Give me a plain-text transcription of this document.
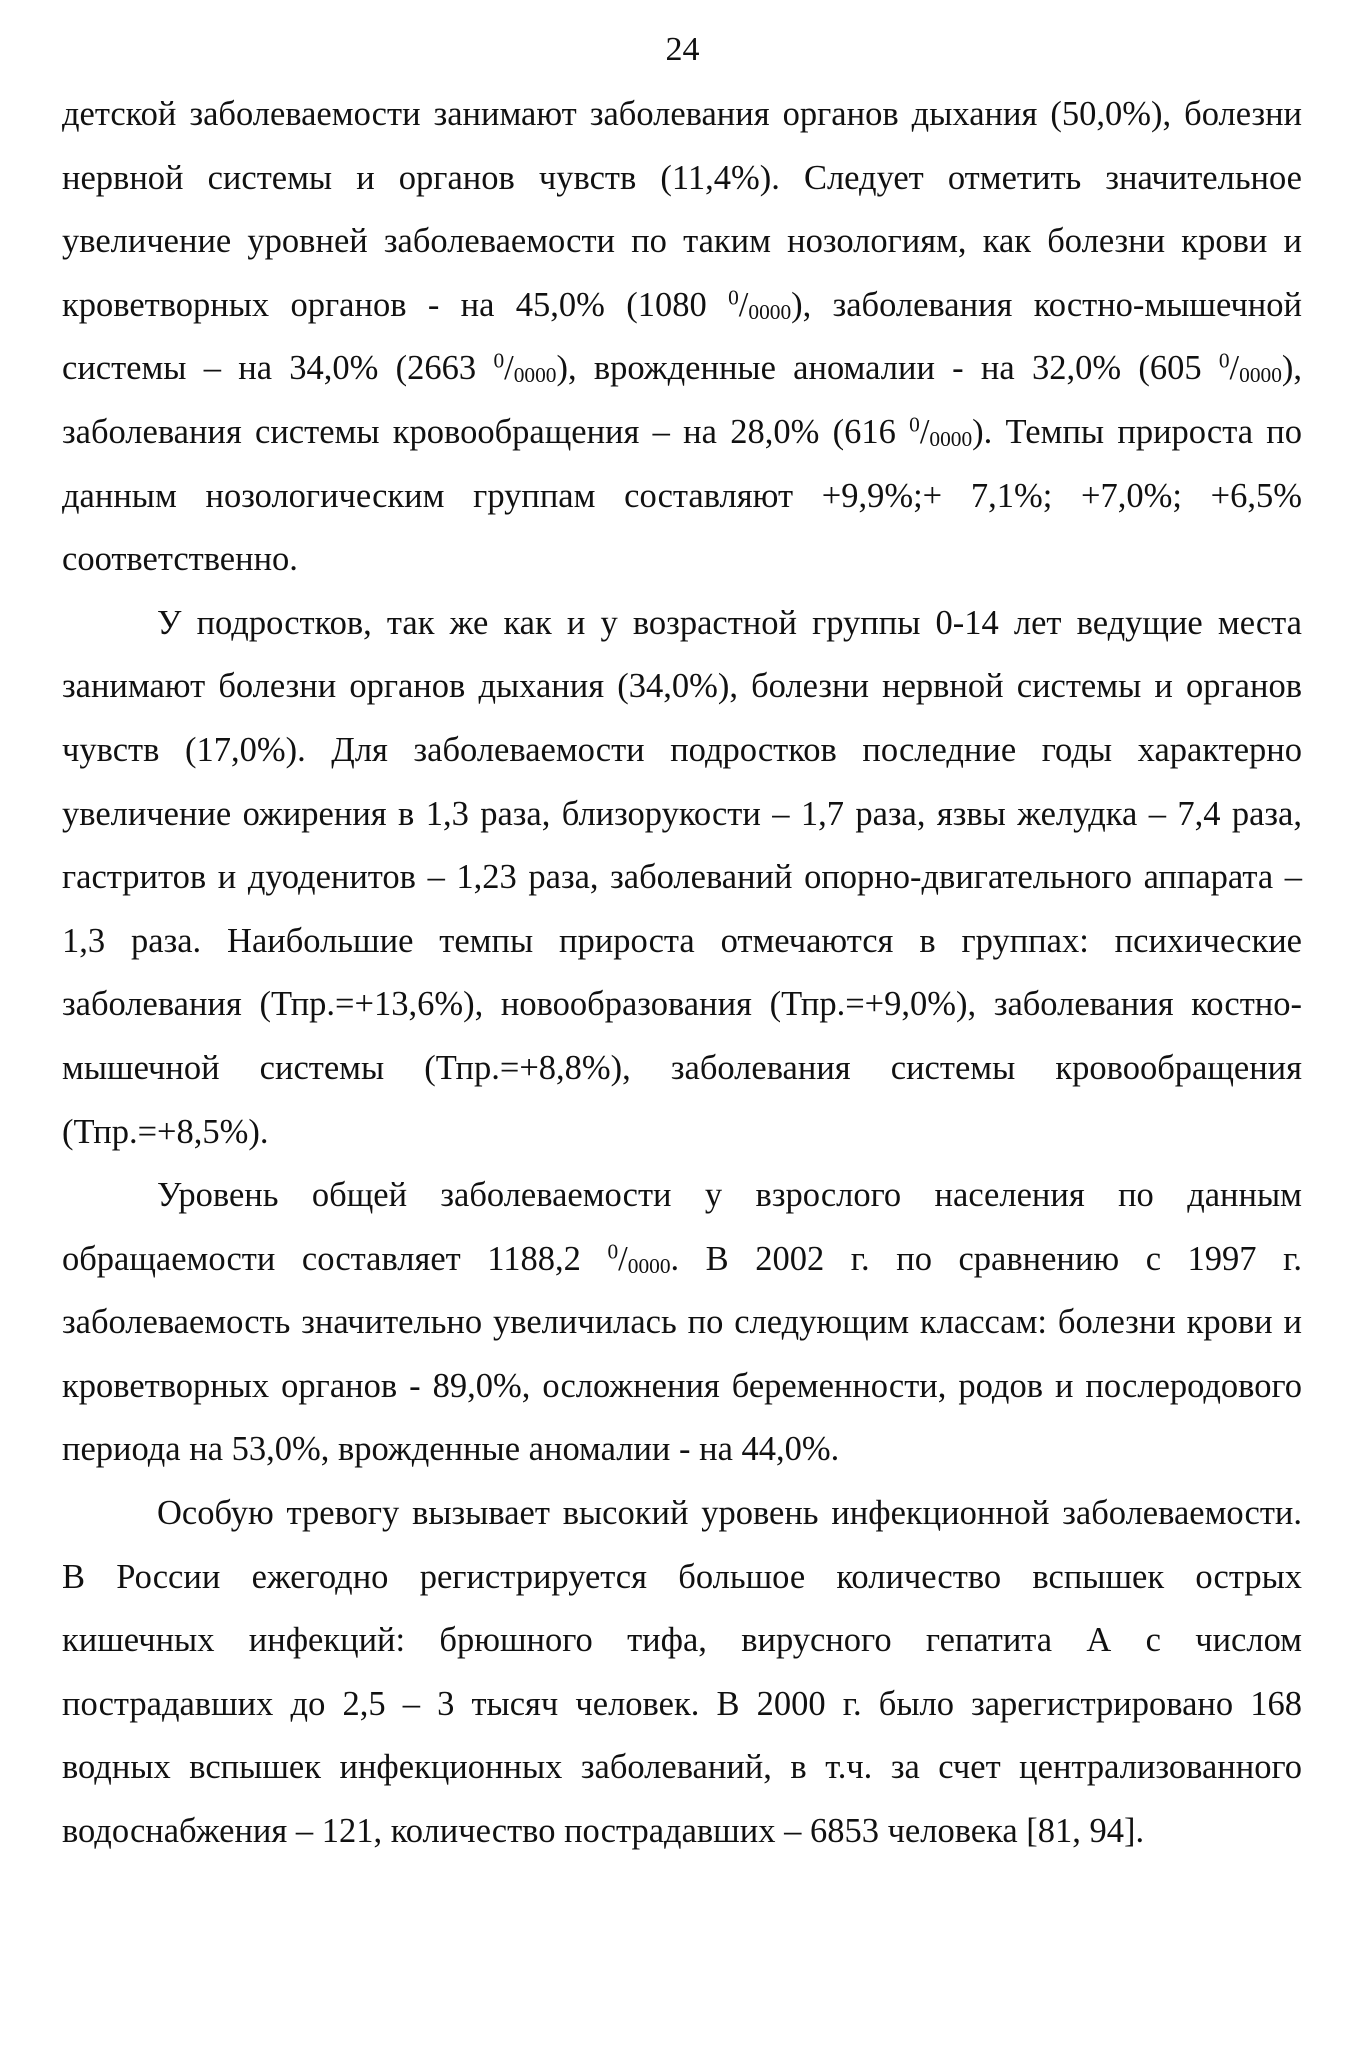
24

детской заболеваемости занимают заболевания органов дыхания (50,0%), болезни нервной системы и органов чувств (11,4%). Следует отметить значительное увеличение уровней заболеваемости по таким нозологиям, как болезни крови и кроветворных органов - на 45,0% (1080 $^0/_{0000}$), заболевания костно-мышечной системы – на 34,0% (2663 $^0/_{0000}$), врожденные аномалии - на 32,0% (605 $^0/_{0000}$), заболевания системы кровообращения – на 28,0% (616 $^0/_{0000}$). Темпы прироста по данным нозологическим группам составляют +9,9%;+ 7,1%; +7,0%; +6,5% соответственно.

У подростков, так же как и у возрастной группы 0-14 лет ведущие места занимают болезни органов дыхания (34,0%), болезни нервной системы и органов чувств (17,0%). Для заболеваемости подростков последние годы характерно увеличение ожирения в 1,3 раза, близорукости – 1,7 раза, язвы желудка – 7,4 раза, гастритов и дуоденитов – 1,23 раза, заболеваний опорно-двигательного аппарата – 1,3 раза. Наибольшие темпы прироста отмечаются в группах: психические заболевания (Тпр.=+13,6%), новообразования (Тпр.=+9,0%), заболевания костно-мышечной системы (Тпр.=+8,8%), заболевания системы кровообращения (Тпр.=+8,5%).

Уровень общей заболеваемости у взрослого населения по данным обращаемости составляет 1188,2 $^0/_{0000}$. В 2002 г. по сравнению с 1997 г. заболеваемость значительно увеличилась по следующим классам: болезни крови и кроветворных органов - 89,0%, осложнения беременности, родов и послеродового периода на 53,0%, врожденные аномалии - на 44,0%.

Особую тревогу вызывает высокий уровень инфекционной заболеваемости. В России ежегодно регистрируется большое количество вспышек острых кишечных инфекций: брюшного тифа, вирусного гепатита А с числом пострадавших до 2,5 – 3 тысяч человек. В 2000 г. было зарегистрировано 168 водных вспышек инфекционных заболеваний, в т.ч. за счет централизованного водоснабжения – 121, количество пострадавших – 6853 человека [81, 94].
